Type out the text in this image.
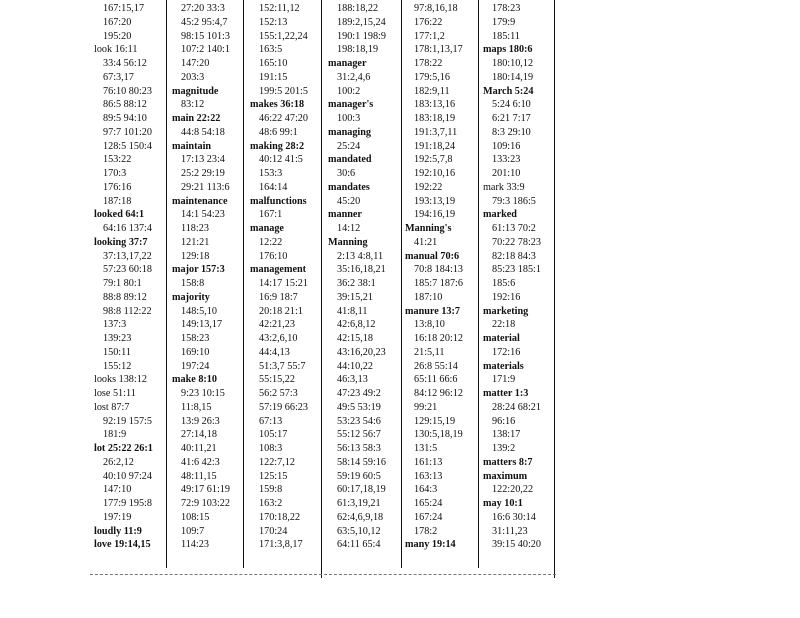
167:15,17
167:20
195:20
look 16:11
33:4 56:12
67:3,17
76:10 80:23
86:5 88:12
89:5 94:10
97:7 101:20
128:5 150:4
153:22
170:3
176:16
187:18
looked 64:1
64:16 137:4
looking 37:7
37:13,17,22
57:23 60:18
79:1 80:1
88:8 89:12
98:8 112:22
137:3
139:23
150:11
155:12
looks 138:12
lose 51:11
lost 87:7
92:19 157:5
181:9
lot 25:22 26:1
26:2,12
40:10 97:24
147:10
177:9 195:8
197:19
loudly 11:9
love 19:14,15
27:20 33:3
45:2 95:4,7
98:15 101:3
107:2 140:1
147:20
203:3
magnitude
83:12
main 22:22
44:8 54:18
maintain
17:13 23:4
25:2 29:19
29:21 113:6
maintenance
14:1 54:23
118:23
121:21
129:18
major 157:3
158:8
majority
148:5,10
149:13,17
158:23
169:10
197:24
make 8:10
9:23 10:15
11:8,15
13:9 26:3
27:14,18
40:11,21
41:6 42:3
48:11,15
49:17 61:19
72:9 103:22
108:15
109:7
114:23
152:11,12
152:13
155:1,22,24
163:5
165:10
191:15
199:5 201:5
makes 36:18
46:22 47:20
48:6 99:1
making 28:2
40:12 41:5
153:3
164:14
malfunctions
167:1
manage
12:22
176:10
management
14:17 15:21
16:9 18:7
20:18 21:1
42:21,23
43:2,6,10
44:4,13
51:3,7 55:7
55:15,22
56:2 57:3
57:19 66:23
67:13
105:17
108:3
122:7,12
125:15
159:8
163:2
170:18,22
170:24
171:3,8,17
188:18,22
189:2,15,24
190:1 198:9
198:18,19
manager
31:2,4,6
100:2
manager's
100:3
managing
25:24
mandated
30:6
mandates
45:20
manner
14:12
Manning
2:13 4:8,11
35:16,18,21
36:2 38:1
39:15,21
41:8,11
42:6,8,12
42:15,18
43:16,20,23
44:10,22
46:3,13
47:23 49:2
49:5 53:19
53:23 54:6
55:12 56:7
56:13 58:3
58:14 59:16
59:19 60:5
60:17,18,19
61:3,19,21
62:4,6,9,18
63:5,10,12
64:11 65:4
97:8,16,18
176:22
177:1,2
178:1,13,17
178:22
179:5,16
182:9,11
183:13,16
183:18,19
191:3,7,11
191:18,24
192:5,7,8
192:10,16
192:22
193:13,19
194:16,19
Manning's
41:21
manual 70:6
70:8 184:13
185:7 187:6
187:10
manure 13:7
13:8,10
16:18 20:12
21:5,11
26:8 55:14
65:11 66:6
84:12 96:12
99:21
129:15,19
130:5,18,19
131:5
161:13
163:13
164:3
165:24
167:24
178:2
many 19:14
178:23
179:9
185:11
maps 180:6
180:10,12
180:14,19
March 5:24
5:24 6:10
6:21 7:17
8:3 29:10
109:16
133:23
201:10
mark 33:9
79:3 186:5
marked
61:13 70:2
70:22 78:23
82:18 84:3
85:23 185:1
185:6
192:16
marketing
22:18
material
172:16
materials
171:9
matter 1:3
28:24 68:21
96:16
138:17
139:2
matters 8:7
maximum
122:20,22
may 10:1
16:6 30:14
31:11,23
39:15 40:20
